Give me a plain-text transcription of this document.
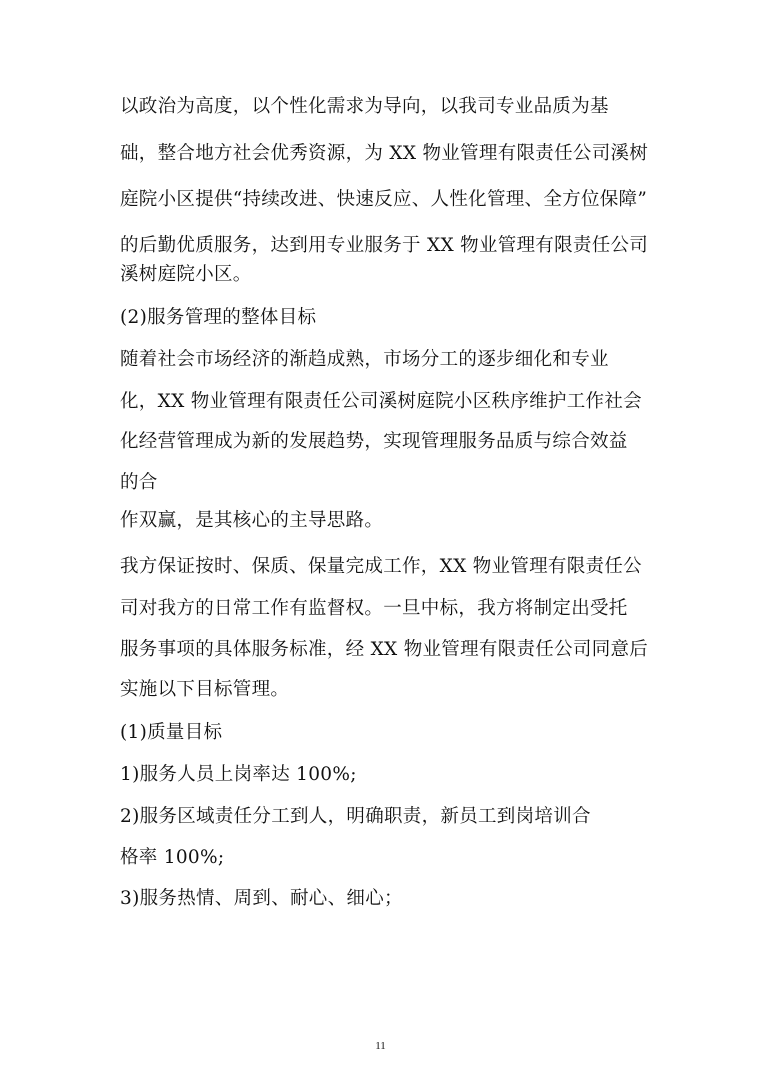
以政治为高度，以个性化需求为导向，以我司专业品质为基
础，整合地方社会优秀资源，为 XX 物业管理有限责任公司溪树
庭院小区提供“持续改进、快速反应、人性化管理、全方位保障”
的后勤优质服务，达到用专业服务于 XX 物业管理有限责任公司
溪树庭院小区。
(2)服务管理的整体目标
随着社会市场经济的渐趋成熟，市场分工的逐步细化和专业
化，XX 物业管理有限责任公司溪树庭院小区秩序维护工作社会
化经营管理成为新的发展趋势，实现管理服务品质与综合效益
的合
作双赢，是其核心的主导思路。
我方保证按时、保质、保量完成工作，XX 物业管理有限责任公
司对我方的日常工作有监督权。一旦中标，我方将制定出受托
服务事项的具体服务标准，经 XX 物业管理有限责任公司同意后
实施以下目标管理。
(1)质量目标
1)服务人员上岗率达 100%;
2)服务区域责任分工到人，明确职责，新员工到岗培训合
格率 100%;
3)服务热情、周到、耐心、细心；
11
